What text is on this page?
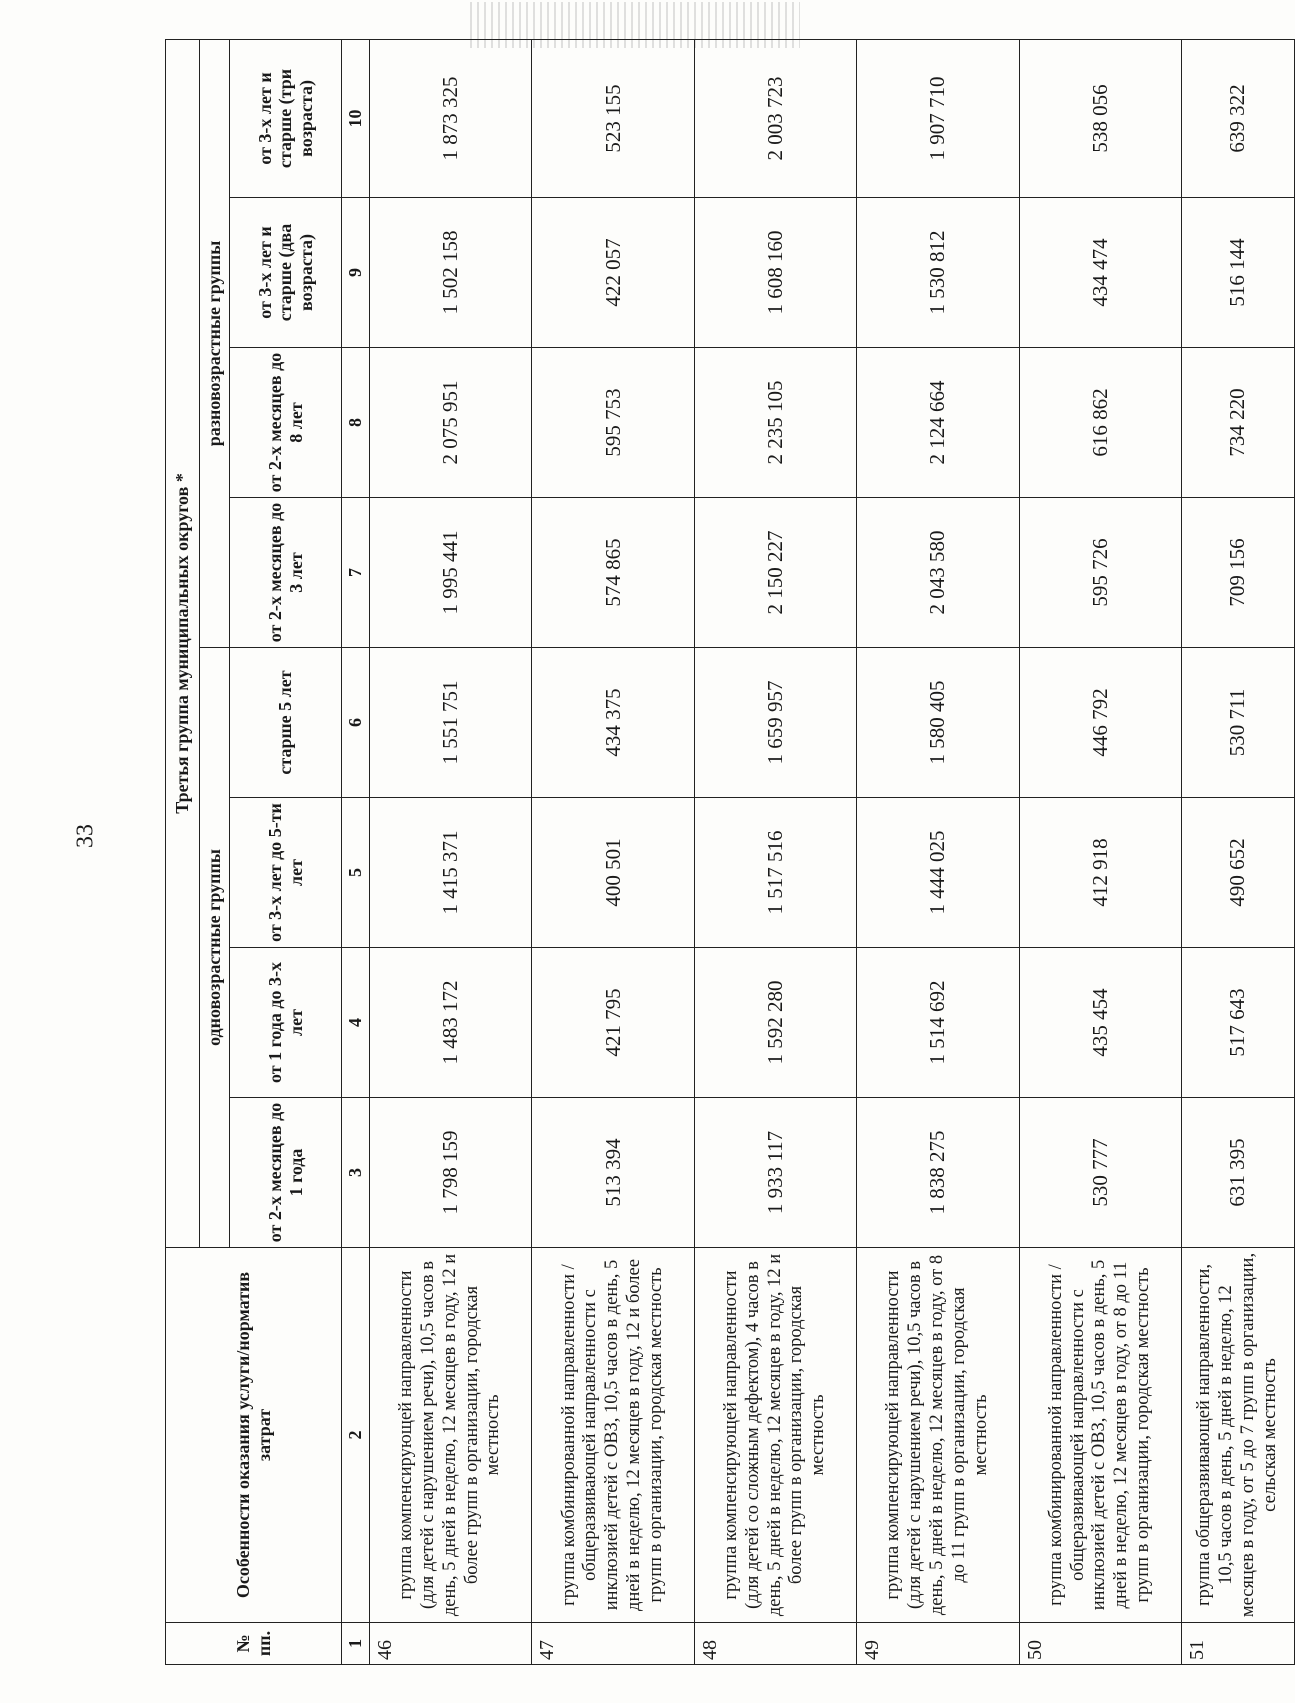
33
№ пп.	Особенности оказания услуги/норматив затрат	Третья группа муниципальных округов *							
		одновозрастные группы				разновозрастные группы			
		от 2-х месяцев до 1 года	от 1 года до 3-х лет	от 3-х лет до 5-ти лет	старше 5 лет	от 2-х месяцев до 3 лет	от 2-х месяцев до 8 лет	от 3-х лет и старше (два возраста)	от 3-х лет и старше (три возраста)
1	2	3	4	5	6	7	8	9	10
46	группа компенсирующей направленности (для детей с нарушением речи), 10,5 часов в день, 5 дней в неделю, 12 месяцев в году, 12 и более групп в организации, городская местность	1 798 159	1 483 172	1 415 371	1 551 751	1 995 441	2 075 951	1 502 158	1 873 325
47	группа комбинированной направленности / общеразвивающей направленности с инклюзией детей с ОВЗ, 10,5 часов в день, 5 дней в неделю, 12 месяцев в году, 12 и более групп в организации, городская местность	513 394	421 795	400 501	434 375	574 865	595 753	422 057	523 155
48	группа компенсирующей направленности (для детей со сложным дефектом), 4 часов в день, 5 дней в неделю, 12 месяцев в году, 12 и более групп в организации, городская местность	1 933 117	1 592 280	1 517 516	1 659 957	2 150 227	2 235 105	1 608 160	2 003 723
49	группа компенсирующей направленности (для детей с нарушением речи), 10,5 часов в день, 5 дней в неделю, 12 месяцев в году, от 8 до 11 групп в организации, городская местность	1 838 275	1 514 692	1 444 025	1 580 405	2 043 580	2 124 664	1 530 812	1 907 710
50	группа комбинированной направленности / общеразвивающей направленности с инклюзией детей с ОВЗ, 10,5 часов в день, 5 дней в неделю, 12 месяцев в году, от 8 до 11 групп в организации, городская местность	530 777	435 454	412 918	446 792	595 726	616 862	434 474	538 056
51	группа общеразвивающей направленности, 10,5 часов в день, 5 дней в неделю, 12 месяцев в году, от 5 до 7 групп в организации, сельская местность	631 395	517 643	490 652	530 711	709 156	734 220	516 144	639 322
